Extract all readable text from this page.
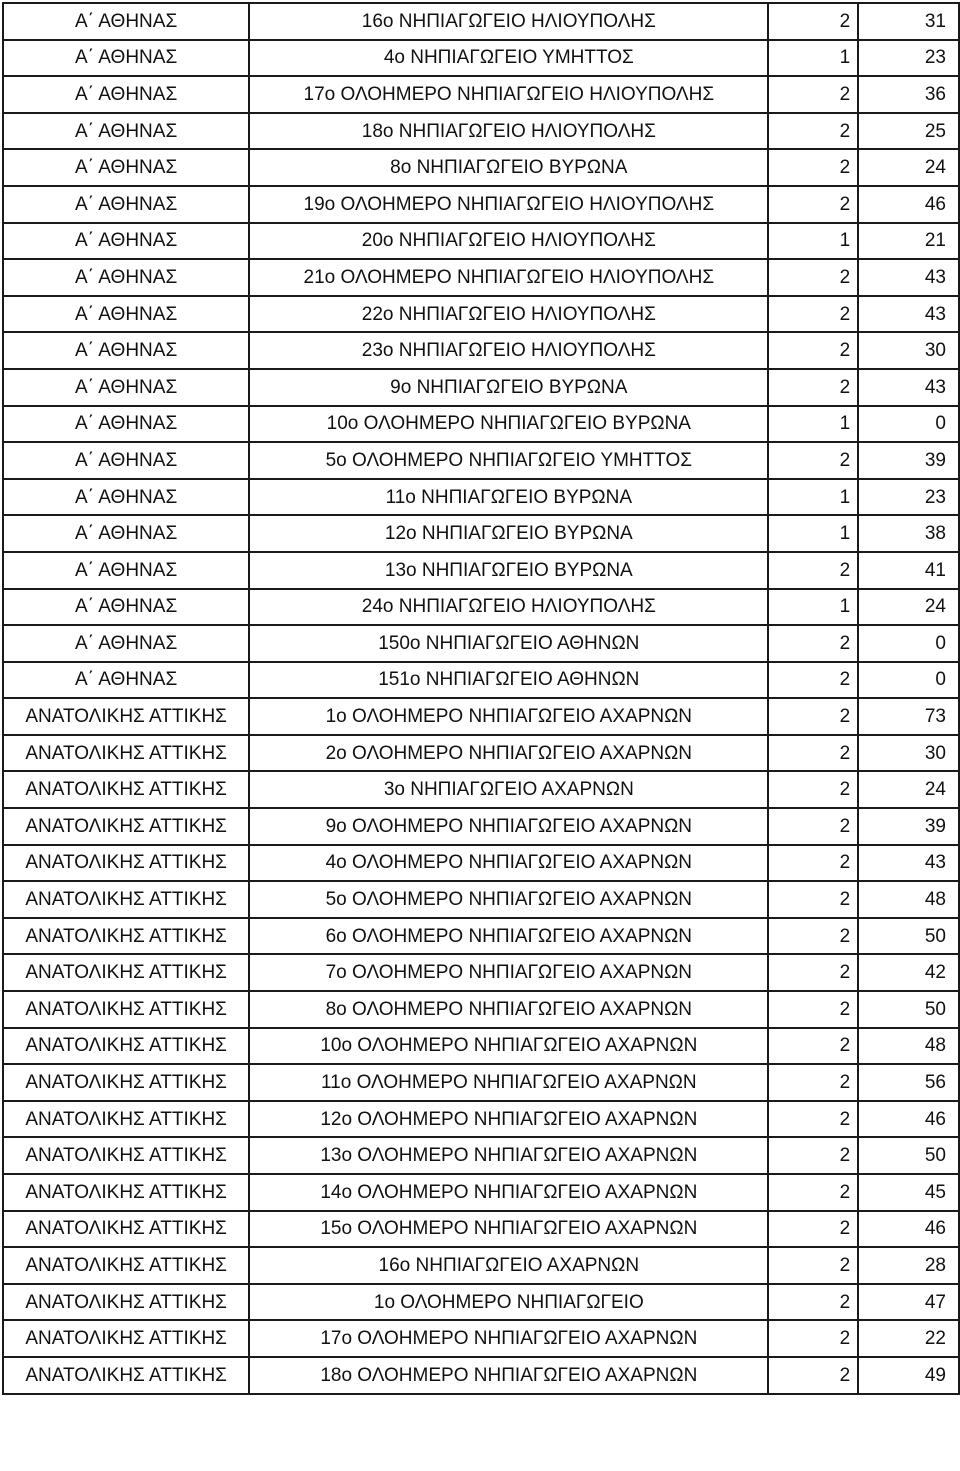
Α΄ ΑΘΗΝΑΣ	16ο ΝΗΠΙΑΓΩΓΕΙΟ ΗΛΙΟΥΠΟΛΗΣ	2	31
Α΄ ΑΘΗΝΑΣ	4ο ΝΗΠΙΑΓΩΓΕΙΟ ΥΜΗΤΤΟΣ	1	23
Α΄ ΑΘΗΝΑΣ	17ο ΟΛΟΗΜΕΡΟ ΝΗΠΙΑΓΩΓΕΙΟ ΗΛΙΟΥΠΟΛΗΣ	2	36
Α΄ ΑΘΗΝΑΣ	18ο ΝΗΠΙΑΓΩΓΕΙΟ ΗΛΙΟΥΠΟΛΗΣ	2	25
Α΄ ΑΘΗΝΑΣ	8ο ΝΗΠΙΑΓΩΓΕΙΟ ΒΥΡΩΝΑ	2	24
Α΄ ΑΘΗΝΑΣ	19ο ΟΛΟΗΜΕΡΟ ΝΗΠΙΑΓΩΓΕΙΟ ΗΛΙΟΥΠΟΛΗΣ	2	46
Α΄ ΑΘΗΝΑΣ	20ο ΝΗΠΙΑΓΩΓΕΙΟ ΗΛΙΟΥΠΟΛΗΣ	1	21
Α΄ ΑΘΗΝΑΣ	21ο ΟΛΟΗΜΕΡΟ ΝΗΠΙΑΓΩΓΕΙΟ ΗΛΙΟΥΠΟΛΗΣ	2	43
Α΄ ΑΘΗΝΑΣ	22ο ΝΗΠΙΑΓΩΓΕΙΟ ΗΛΙΟΥΠΟΛΗΣ	2	43
Α΄ ΑΘΗΝΑΣ	23ο ΝΗΠΙΑΓΩΓΕΙΟ ΗΛΙΟΥΠΟΛΗΣ	2	30
Α΄ ΑΘΗΝΑΣ	9ο ΝΗΠΙΑΓΩΓΕΙΟ ΒΥΡΩΝΑ	2	43
Α΄ ΑΘΗΝΑΣ	10ο ΟΛΟΗΜΕΡΟ ΝΗΠΙΑΓΩΓΕΙΟ ΒΥΡΩΝΑ	1	0
Α΄ ΑΘΗΝΑΣ	5ο ΟΛΟΗΜΕΡΟ ΝΗΠΙΑΓΩΓΕΙΟ ΥΜΗΤΤΟΣ	2	39
Α΄ ΑΘΗΝΑΣ	11ο ΝΗΠΙΑΓΩΓΕΙΟ ΒΥΡΩΝΑ	1	23
Α΄ ΑΘΗΝΑΣ	12ο ΝΗΠΙΑΓΩΓΕΙΟ ΒΥΡΩΝΑ	1	38
Α΄ ΑΘΗΝΑΣ	13ο ΝΗΠΙΑΓΩΓΕΙΟ ΒΥΡΩΝΑ	2	41
Α΄ ΑΘΗΝΑΣ	24ο ΝΗΠΙΑΓΩΓΕΙΟ ΗΛΙΟΥΠΟΛΗΣ	1	24
Α΄ ΑΘΗΝΑΣ	150ο ΝΗΠΙΑΓΩΓΕΙΟ ΑΘΗΝΩΝ	2	0
Α΄ ΑΘΗΝΑΣ	151ο ΝΗΠΙΑΓΩΓΕΙΟ ΑΘΗΝΩΝ	2	0
ΑΝΑΤΟΛΙΚΗΣ ΑΤΤΙΚΗΣ	1ο ΟΛΟΗΜΕΡΟ ΝΗΠΙΑΓΩΓΕΙΟ ΑΧΑΡΝΩΝ	2	73
ΑΝΑΤΟΛΙΚΗΣ ΑΤΤΙΚΗΣ	2ο ΟΛΟΗΜΕΡΟ ΝΗΠΙΑΓΩΓΕΙΟ ΑΧΑΡΝΩΝ	2	30
ΑΝΑΤΟΛΙΚΗΣ ΑΤΤΙΚΗΣ	3ο ΝΗΠΙΑΓΩΓΕΙΟ ΑΧΑΡΝΩΝ	2	24
ΑΝΑΤΟΛΙΚΗΣ ΑΤΤΙΚΗΣ	9ο ΟΛΟΗΜΕΡΟ ΝΗΠΙΑΓΩΓΕΙΟ ΑΧΑΡΝΩΝ	2	39
ΑΝΑΤΟΛΙΚΗΣ ΑΤΤΙΚΗΣ	4ο ΟΛΟΗΜΕΡΟ ΝΗΠΙΑΓΩΓΕΙΟ ΑΧΑΡΝΩΝ	2	43
ΑΝΑΤΟΛΙΚΗΣ ΑΤΤΙΚΗΣ	5ο ΟΛΟΗΜΕΡΟ ΝΗΠΙΑΓΩΓΕΙΟ ΑΧΑΡΝΩΝ	2	48
ΑΝΑΤΟΛΙΚΗΣ ΑΤΤΙΚΗΣ	6ο ΟΛΟΗΜΕΡΟ ΝΗΠΙΑΓΩΓΕΙΟ ΑΧΑΡΝΩΝ	2	50
ΑΝΑΤΟΛΙΚΗΣ ΑΤΤΙΚΗΣ	7ο ΟΛΟΗΜΕΡΟ ΝΗΠΙΑΓΩΓΕΙΟ ΑΧΑΡΝΩΝ	2	42
ΑΝΑΤΟΛΙΚΗΣ ΑΤΤΙΚΗΣ	8ο ΟΛΟΗΜΕΡΟ ΝΗΠΙΑΓΩΓΕΙΟ ΑΧΑΡΝΩΝ	2	50
ΑΝΑΤΟΛΙΚΗΣ ΑΤΤΙΚΗΣ	10ο ΟΛΟΗΜΕΡΟ ΝΗΠΙΑΓΩΓΕΙΟ ΑΧΑΡΝΩΝ	2	48
ΑΝΑΤΟΛΙΚΗΣ ΑΤΤΙΚΗΣ	11ο ΟΛΟΗΜΕΡΟ ΝΗΠΙΑΓΩΓΕΙΟ ΑΧΑΡΝΩΝ	2	56
ΑΝΑΤΟΛΙΚΗΣ ΑΤΤΙΚΗΣ	12ο ΟΛΟΗΜΕΡΟ ΝΗΠΙΑΓΩΓΕΙΟ ΑΧΑΡΝΩΝ	2	46
ΑΝΑΤΟΛΙΚΗΣ ΑΤΤΙΚΗΣ	13ο ΟΛΟΗΜΕΡΟ ΝΗΠΙΑΓΩΓΕΙΟ ΑΧΑΡΝΩΝ	2	50
ΑΝΑΤΟΛΙΚΗΣ ΑΤΤΙΚΗΣ	14ο ΟΛΟΗΜΕΡΟ ΝΗΠΙΑΓΩΓΕΙΟ ΑΧΑΡΝΩΝ	2	45
ΑΝΑΤΟΛΙΚΗΣ ΑΤΤΙΚΗΣ	15ο ΟΛΟΗΜΕΡΟ ΝΗΠΙΑΓΩΓΕΙΟ ΑΧΑΡΝΩΝ	2	46
ΑΝΑΤΟΛΙΚΗΣ ΑΤΤΙΚΗΣ	16ο ΝΗΠΙΑΓΩΓΕΙΟ ΑΧΑΡΝΩΝ	2	28
ΑΝΑΤΟΛΙΚΗΣ ΑΤΤΙΚΗΣ	1ο ΟΛΟΗΜΕΡΟ ΝΗΠΙΑΓΩΓΕΙΟ	2	47
ΑΝΑΤΟΛΙΚΗΣ ΑΤΤΙΚΗΣ	17ο ΟΛΟΗΜΕΡΟ ΝΗΠΙΑΓΩΓΕΙΟ ΑΧΑΡΝΩΝ	2	22
ΑΝΑΤΟΛΙΚΗΣ ΑΤΤΙΚΗΣ	18ο ΟΛΟΗΜΕΡΟ ΝΗΠΙΑΓΩΓΕΙΟ ΑΧΑΡΝΩΝ	2	49
